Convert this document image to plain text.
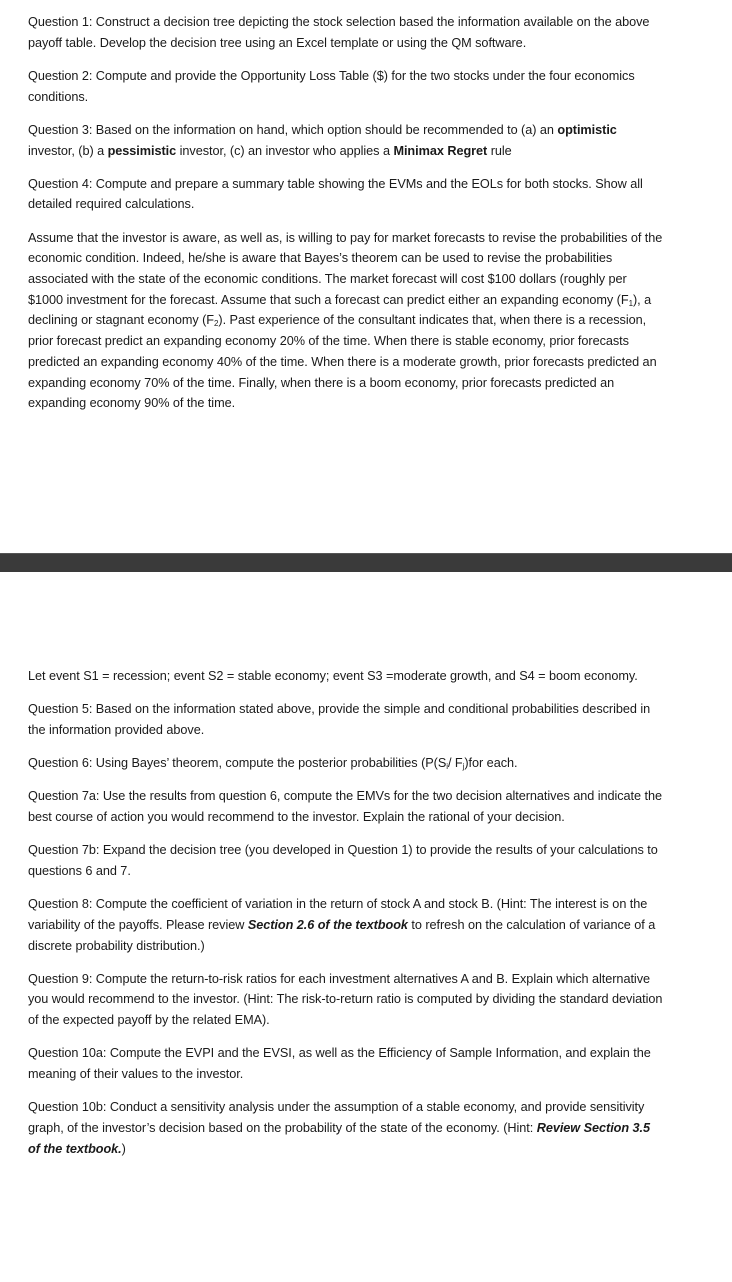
Question 1: Construct a decision tree depicting the stock selection based the information available on the above payoff table. Develop the decision tree using an Excel template or using the QM software.

Question 2: Compute and provide the Opportunity Loss Table ($) for the two stocks under the four economics conditions.

Question 3: Based on the information on hand, which option should be recommended to (a) an optimistic investor, (b) a pessimistic investor, (c) an investor who applies a Minimax Regret rule

Question 4: Compute and prepare a summary table showing the EVMs and the EOLs for both stocks. Show all detailed required calculations.

Assume that the investor is aware, as well as, is willing to pay for market forecasts to revise the probabilities of the economic condition. Indeed, he/she is aware that Bayes’s theorem can be used to revise the probabilities associated with the state of the economic conditions. The market forecast will cost $100 dollars (roughly per $1000 investment for the forecast. Assume that such a forecast can predict either an expanding economy $(F_1)$, a declining or stagnant economy $(F_2)$. Past experience of the consultant indicates that, when there is a recession, prior forecast predict an expanding economy 20% of the time. When there is stable economy, prior forecasts predicted an expanding economy 40% of the time. When there is a moderate growth, prior forecasts predicted an expanding economy 70% of the time. Finally, when there is a boom economy, prior forecasts predicted an expanding economy 90% of the time.

Let event S1 = recession; event S2 = stable economy; event S3 =moderate growth, and S4 = boom economy.

Question 5: Based on the information stated above, provide the simple and conditional probabilities described in the information provided above.

Question 6: Using Bayes’ theorem, compute the posterior probabilities ($P(S_i/$ $F_j)for$ each.

Question 7a: Use the results from question 6, compute the EMVs for the two decision alternatives and indicate the best course of action you would recommend to the investor. Explain the rational of your decision.

Question 7b: Expand the decision tree (you developed in Question 1) to provide the results of your calculations to questions 6 and 7.

Question 8: Compute the coefficient of variation in the return of stock A and stock B. (Hint: The interest is on the variability of the payoffs. Please review Section 2.6 of the textbook to refresh on the calculation of variance of a discrete probability distribution.)

Question 9: Compute the return-to-risk ratios for each investment alternatives A and B. Explain which alternative you would recommend to the investor. (Hint: The risk-to-return ratio is computed by dividing the standard deviation of the expected payoff by the related EMA).

Question 10a: Compute the EVPI and the EVSI, as well as the Efficiency of Sample Information, and explain the meaning of their values to the investor.

Question 10b: Conduct a sensitivity analysis under the assumption of a stable economy, and provide sensitivity graph, of the investor’s decision based on the probability of the state of the economy. (Hint: Review Section 3.5 of the textbook.)
